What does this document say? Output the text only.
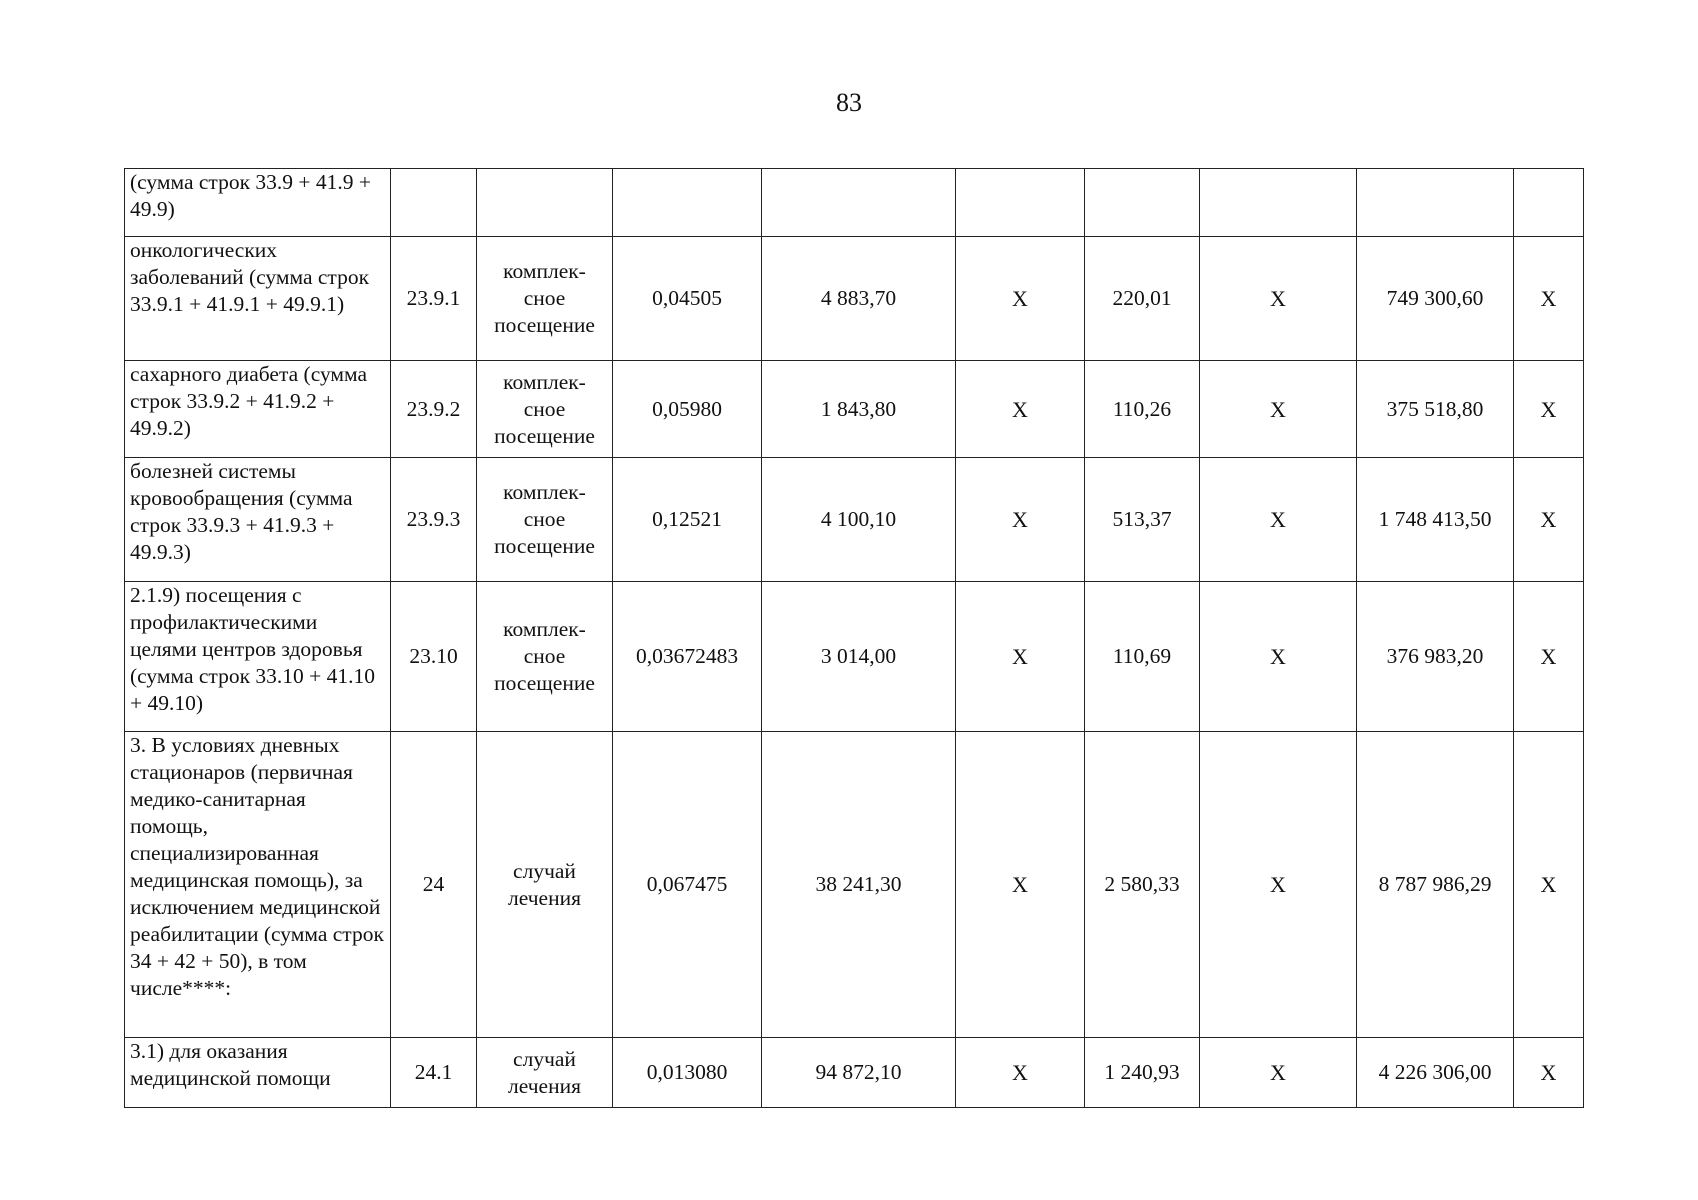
83
(сумма строк 33.9 + 41.9 + 49.9)									
онкологических заболеваний (сумма строк 33.9.1 + 41.9.1 + 49.9.1)	23.9.1	комплек-сное посещение	0,04505	4 883,70	X	220,01	X	749 300,60	X
сахарного диабета (сумма строк 33.9.2 + 41.9.2 + 49.9.2)	23.9.2	комплек-сное посещение	0,05980	1 843,80	X	110,26	X	375 518,80	X
болезней системы кровообращения (сумма строк 33.9.3 + 41.9.3 + 49.9.3)	23.9.3	комплек-сное посещение	0,12521	4 100,10	X	513,37	X	1 748 413,50	X
2.1.9) посещения с профилактическими целями центров здоровья (сумма строк 33.10 + 41.10 + 49.10)	23.10	комплек-сное посещение	0,03672483	3 014,00	X	110,69	X	376 983,20	X
3. В условиях дневных стационаров (первичная медико-санитарная помощь, специализированная медицинская помощь), за исключением медицинской реабилитации (сумма строк 34 + 42 + 50), в том числе****:	24	случай лечения	0,067475	38 241,30	X	2 580,33	X	8 787 986,29	X
3.1) для оказания медицинской помощи	24.1	случай лечения	0,013080	94 872,10	X	1 240,93	X	4 226 306,00	X
